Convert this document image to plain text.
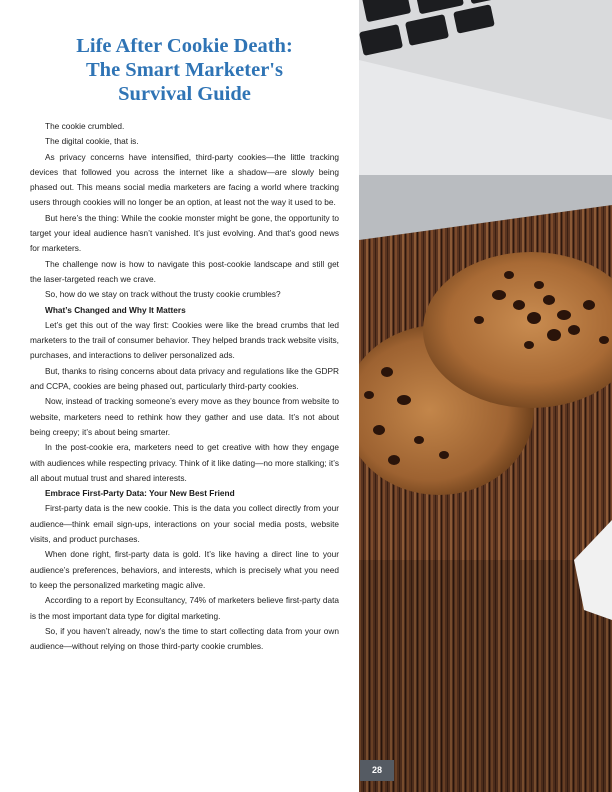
Life After Cookie Death:
The Smart Marketer's
Survival Guide

The cookie crumbled.

The digital cookie, that is.

As privacy concerns have intensified, third-party cookies—the little tracking devices that followed you across the internet like a shadow—are slowly being phased out. This means social media marketers are facing a world where tracking users through cookies will no longer be an option, at least not the way it used to be.

But here’s the thing: While the cookie monster might be gone, the opportunity to target your ideal audience hasn’t vanished. It’s just evolving. And that’s good news for marketers.

The challenge now is how to navigate this post-cookie landscape and still get the laser-targeted reach we crave.

So, how do we stay on track without the trusty cookie crumbles?

What’s Changed and Why It Matters

Let’s get this out of the way first: Cookies were like the bread crumbs that led marketers to the trail of consumer behavior. They helped brands track website visits, purchases, and interactions to deliver personalized ads.

But, thanks to rising concerns about data privacy and regulations like the GDPR and CCPA, cookies are being phased out, particularly third-party cookies.

Now, instead of tracking someone’s every move as they bounce from website to website, marketers need to rethink how they gather and use data. It’s not about being creepy; it’s about being smarter.

In the post-cookie era, marketers need to get creative with how they engage with audiences while respecting privacy. Think of it like dating—no more stalking; it’s all about mutual trust and shared interests.

Embrace First-Party Data: Your New Best Friend

First-party data is the new cookie. This is the data you collect directly from your audience—think email sign-ups, interactions on your social media posts, website visits, and product purchases.

When done right, first-party data is gold. It’s like having a direct line to your audience’s preferences, behaviors, and interests, which is precisely what you need to keep the personalized marketing magic alive.

According to a report by Econsultancy, 74% of marketers believe first-party data is the most important data type for digital marketing.

So, if you haven’t already, now’s the time to start collecting data from your own audience—without relying on those third-party cookie crumbles.

28
